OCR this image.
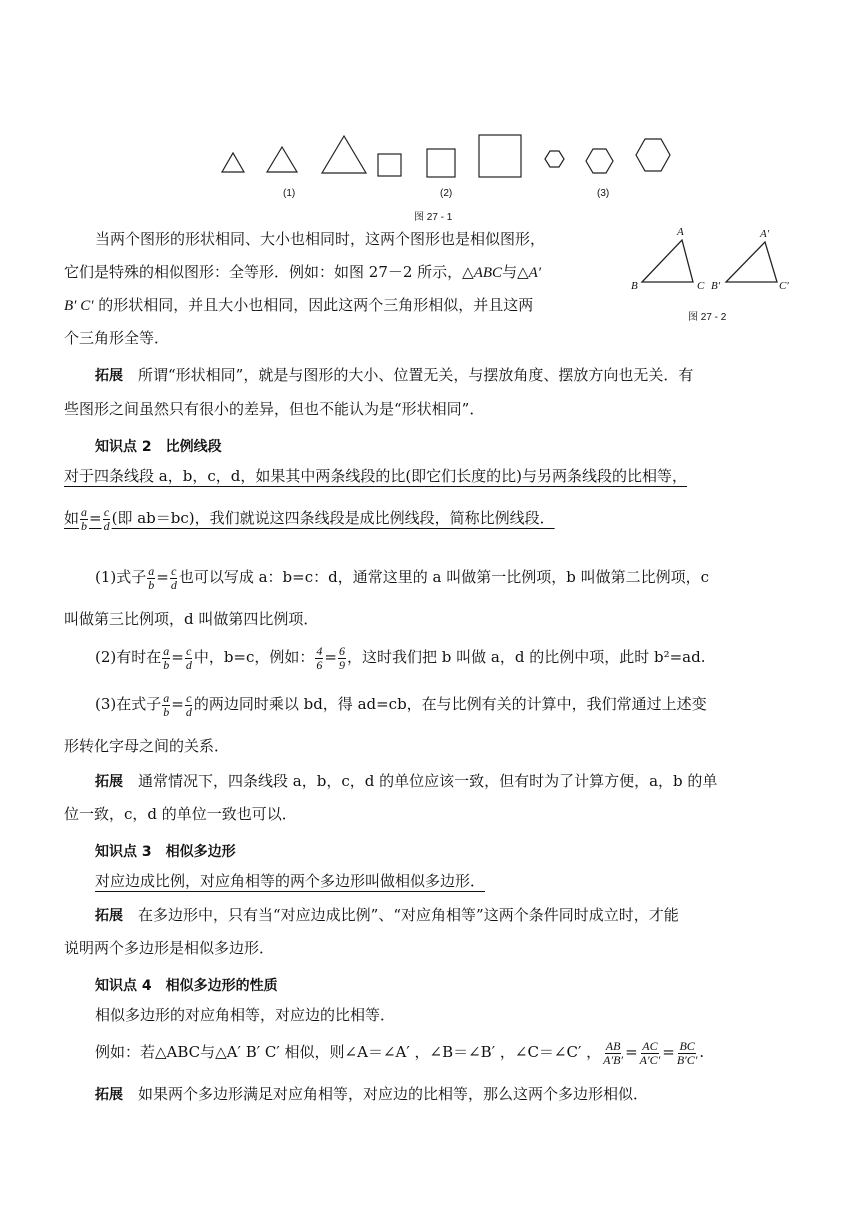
(1)	(2)	(3)
图 27 - 1
A
B	C
A′
B′	C′
图 27 - 2
当两个图形的形状相同、大小也相同时，这两个图形也是相似图形，
它们是特殊的相似图形：全等形．例如：如图 27－2 所示，△ABC与△A′
B′ C′ 的形状相同，并且大小也相同，因此这两个三角形相似，并且这两
个三角形全等．
拓展　 所谓“形状相同”，就是与图形的大小、位置无关，与摆放角度、摆放方向也无关．有
些图形之间虽然只有很小的差异，但也不能认为是“形状相同”．
知识点 2　比例线段
对于四条线段 a，b，c，d，如果其中两条线段的比(即它们长度的比)与另两条线段的比相等，
如 $\frac{a}{b} = \frac{c}{d}$ (即 ab＝bc)，我们就说这四条线段是成比例线段，简称比例线段．
(1)式子 $\frac{a}{b} = \frac{c}{d}$ 也可以写成 a：b=c：d，通常这里的 a 叫做第一比例项，b 叫做第二比例项，c
叫做第三比例项，d 叫做第四比例项．
(2)有时在 $\frac{a}{b} = \frac{c}{d}$ 中，b=c，例如： $\frac{4}{6} = \frac{6}{9}$ ，这时我们把 b 叫做 a，d 的比例中项，此时 b²=ad.
(3)在式子 $\frac{a}{b} = \frac{c}{d}$ 的两边同时乘以 bd，得 ad=cb，在与比例有关的计算中，我们常通过上述变
形转化字母之间的关系．
拓展　 通常情况下，四条线段 a，b，c，d 的单位应该一致，但有时为了计算方便，a，b 的单
位一致，c，d 的单位一致也可以．
知识点 3　相似多边形
对应边成比例，对应角相等的两个多边形叫做相似多边形．
拓展　 在多边形中，只有当“对应边成比例”、“对应角相等”这两个条件同时成立时，才能
说明两个多边形是相似多边形．
知识点 4　相似多边形的性质
相似多边形的对应角相等，对应边的比相等．
例如：若△ABC与△A′ B′ C′ 相似，则∠A＝∠A′ ，∠B＝∠B′ ，∠C＝∠C′ ， $\frac{AB}{A'B'} = \frac{AC}{A'C'} = \frac{BC}{B'C'}$ .
拓展　 如果两个多边形满足对应角相等，对应边的比相等，那么这两个多边形相似．
